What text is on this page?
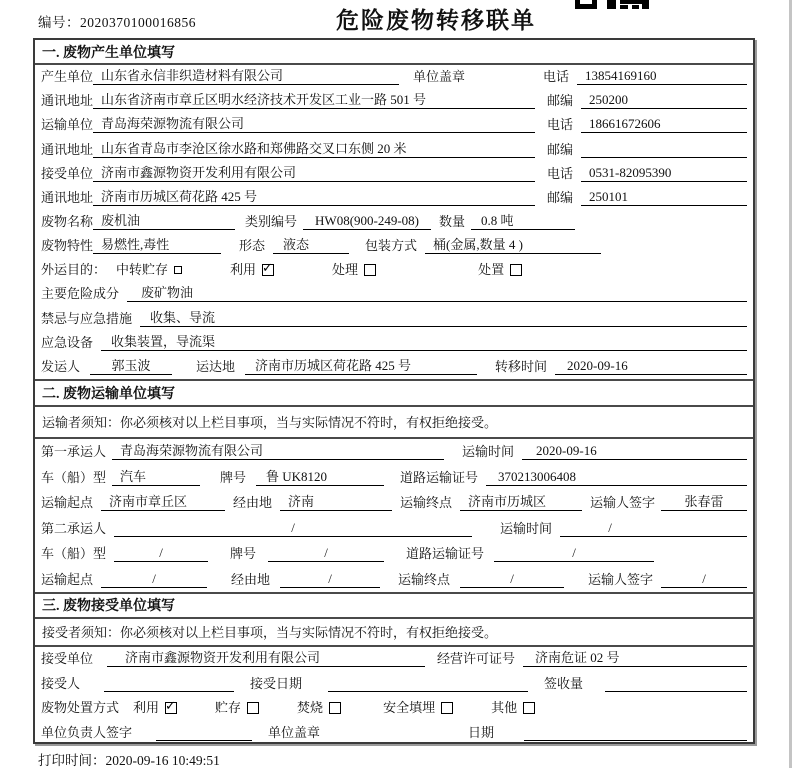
编号：2020370100016856	危险废物转移联单
一. 废物产生单位填写
产生单位 山东省永信非织造材料有限公司	单位盖章	电话	13854169160
通讯地址 山东省济南市章丘区明水经济技术开发区工业一路 501 号	邮编	250200
运输单位 青岛海荣源物流有限公司	电话	18661672606
通讯地址 山东省青岛市李沧区徐水路和郑佛路交叉口东侧 20 米	邮编
接受单位 济南市鑫源物资开发利用有限公司	电话	0531-82095390
通讯地址 济南市历城区荷花路 425 号	邮编	250101
废物名称 废机油	类别编号	HW08(900-249-08)	数量	0.8 吨
废物特性 易燃性,毒性	形态	液态	包装方式	桶(金属,数量 4 )
外运目的： 中转贮存	利用 ✓	处理	处置
主要危险成分	废矿物油
禁忌与应急措施	收集、导流
应急设备	收集装置，导流渠
发运人	郭玉波	运达地	济南市历城区荷花路 425 号	转移时间	2020-09-16
二. 废物运输单位填写
运输者须知：你必须核对以上栏目事项，当与实际情况不符时，有权拒绝接受。
第一承运人	青岛海荣源物流有限公司	运输时间	2020-09-16
车（船）型	汽车	牌号	鲁 UK8120	道路运输证号	370213006408
运输起点	济南市章丘区	经由地	济南	运输终点	济南市历城区	运输人签字	张春雷
第二承运人	/	运输时间	/
车（船）型	/	牌号	/	道路运输证号	/
运输起点	/	经由地	/	运输终点	/	运输人签字	/
三. 废物接受单位填写
接受者须知：你必须核对以上栏目事项，当与实际情况不符时，有权拒绝接受。
接受单位	济南市鑫源物资开发利用有限公司	经营许可证号	济南危证 02 号
接受人	接受日期	签收量
废物处置方式 利用 ✓	贮存	焚烧	安全填埋	其他
单位负责人签字	单位盖章	日期
打印时间：2020-09-16 10:49:51
